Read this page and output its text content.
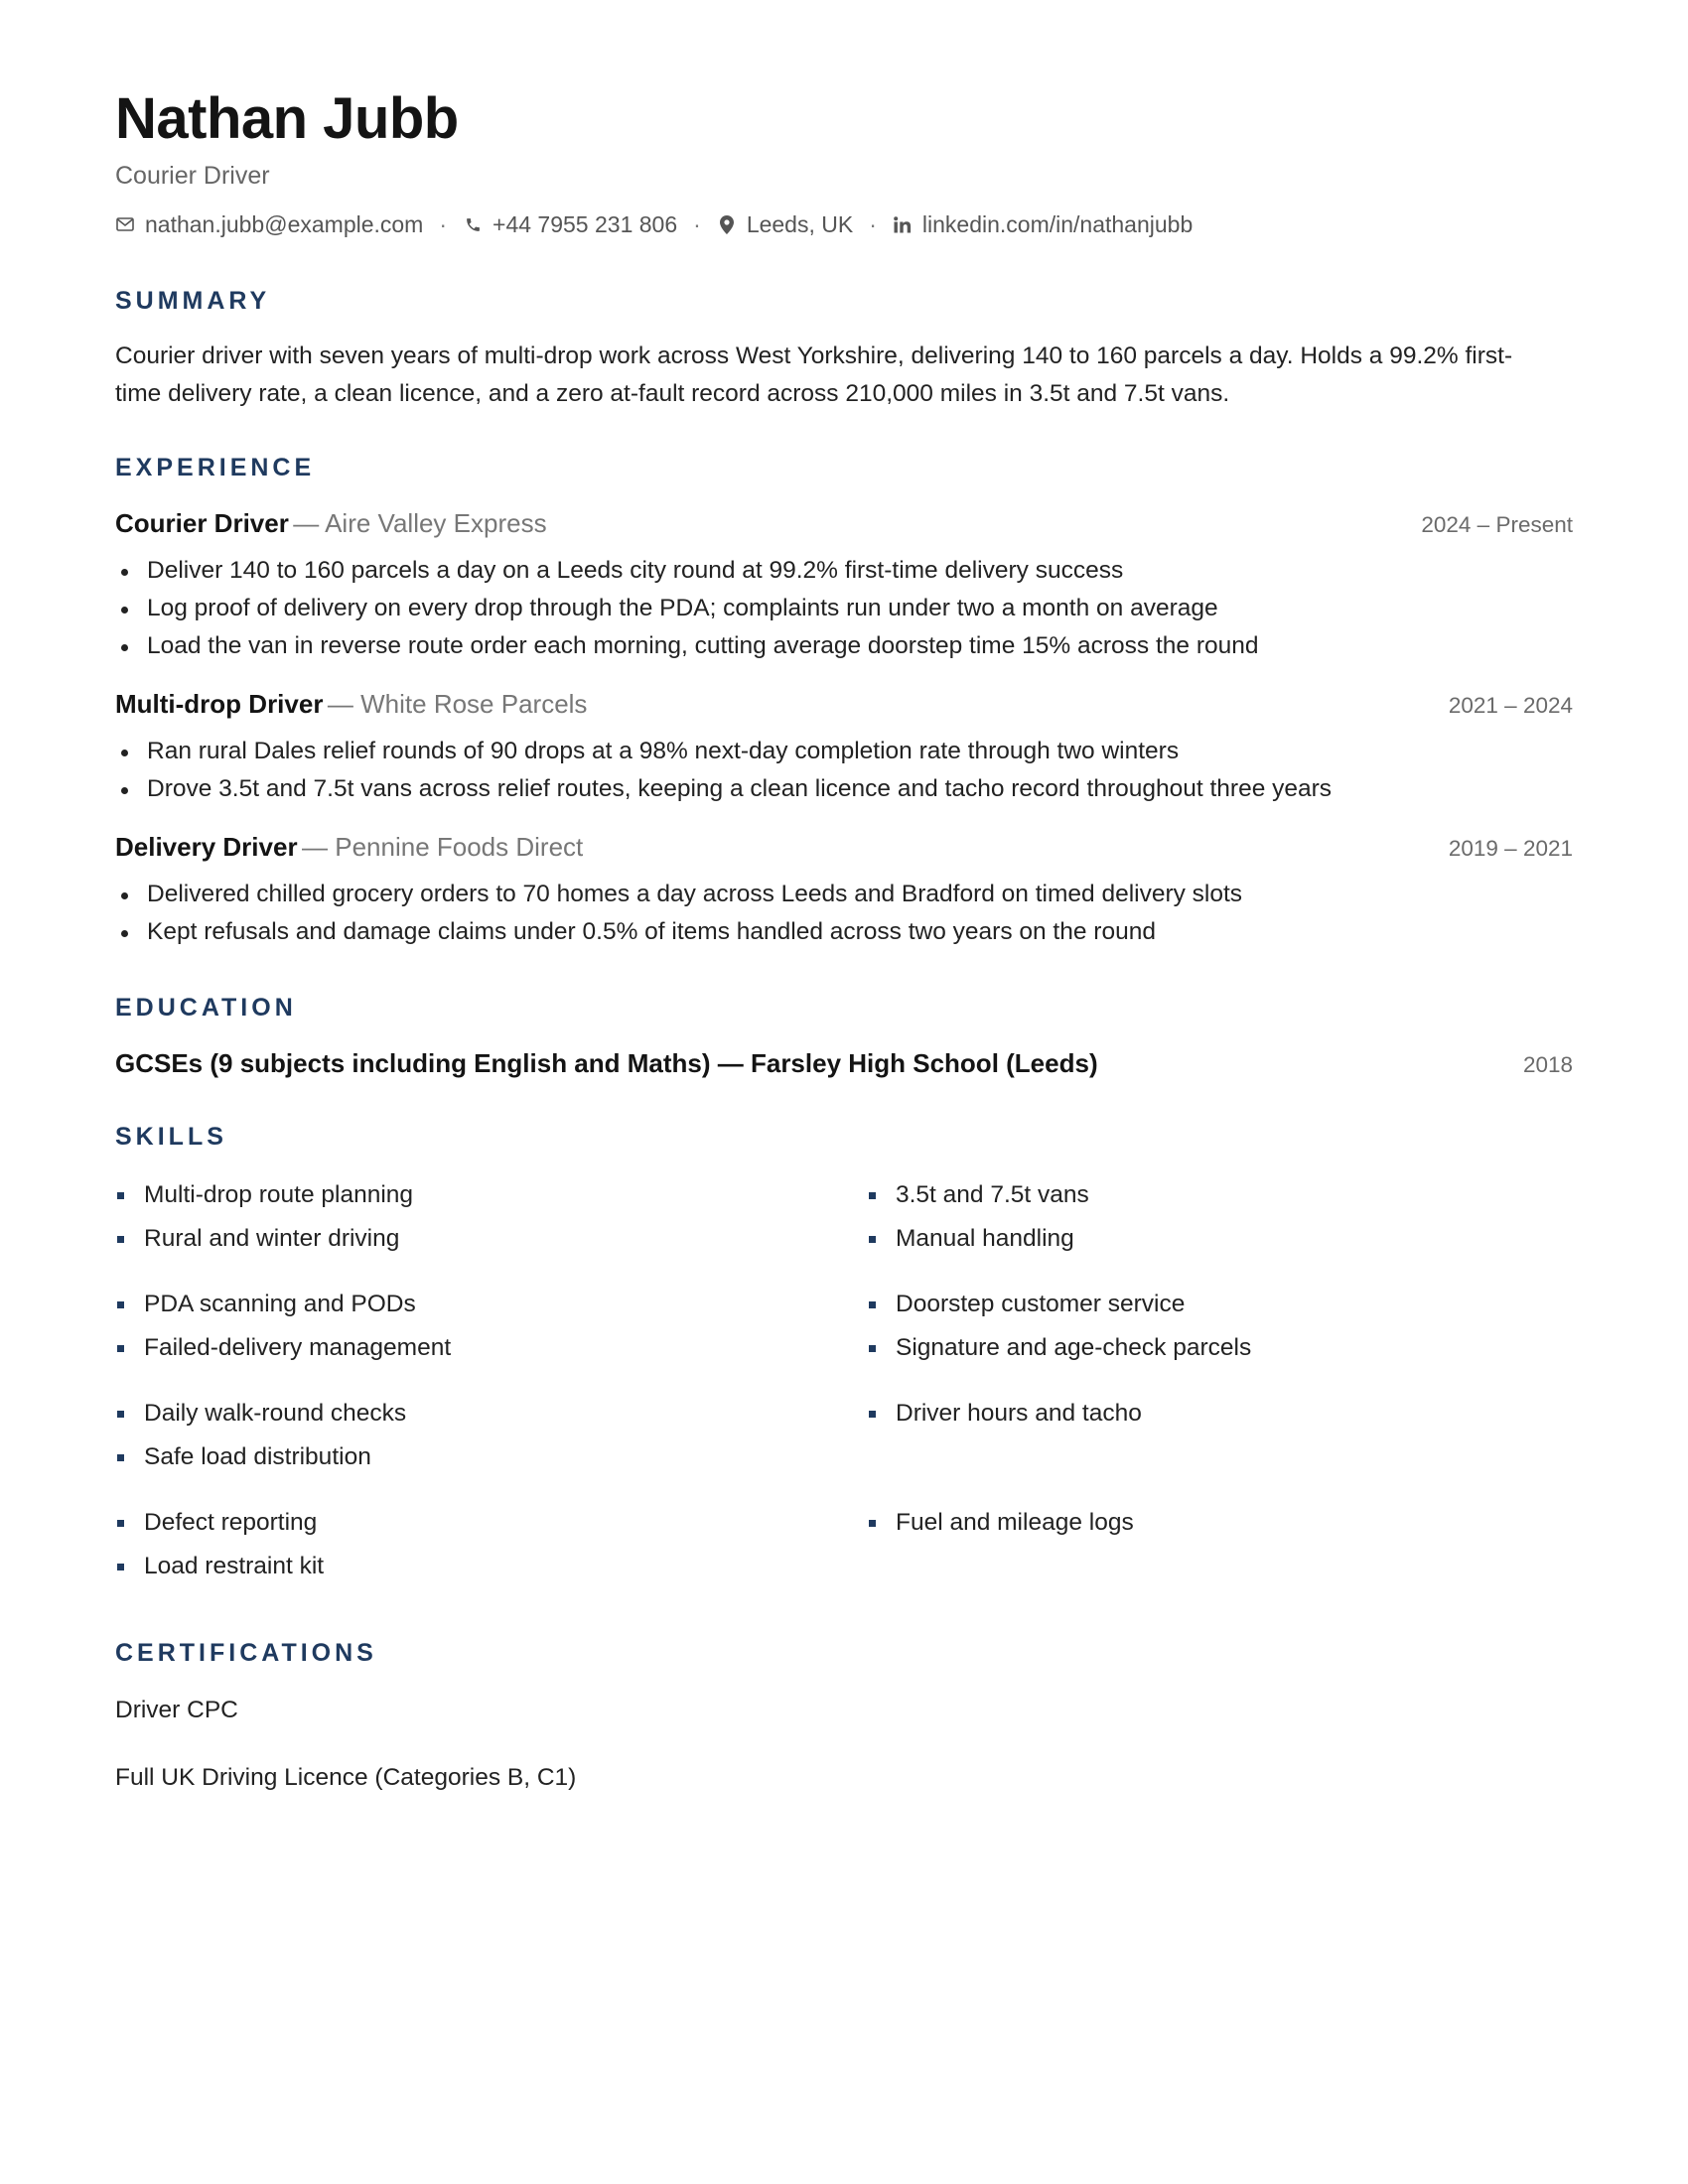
Nathan Jubb
Courier Driver
nathan.jubb@example.com · +44 7955 231 806 · Leeds, UK · linkedin.com/in/nathanjubb
SUMMARY
Courier driver with seven years of multi-drop work across West Yorkshire, delivering 140 to 160 parcels a day. Holds a 99.2% first-time delivery rate, a clean licence, and a zero at-fault record across 210,000 miles in 3.5t and 7.5t vans.
EXPERIENCE
Courier Driver — Aire Valley Express	2024 – Present
Deliver 140 to 160 parcels a day on a Leeds city round at 99.2% first-time delivery success
Log proof of delivery on every drop through the PDA; complaints run under two a month on average
Load the van in reverse route order each morning, cutting average doorstep time 15% across the round
Multi-drop Driver — White Rose Parcels	2021 – 2024
Ran rural Dales relief rounds of 90 drops at a 98% next-day completion rate through two winters
Drove 3.5t and 7.5t vans across relief routes, keeping a clean licence and tacho record throughout three years
Delivery Driver — Pennine Foods Direct	2019 – 2021
Delivered chilled grocery orders to 70 homes a day across Leeds and Bradford on timed delivery slots
Kept refusals and damage claims under 0.5% of items handled across two years on the round
EDUCATION
GCSEs (9 subjects including English and Maths) — Farsley High School (Leeds)	2018
SKILLS
Multi-drop route planning
Rural and winter driving
3.5t and 7.5t vans
Manual handling
PDA scanning and PODs
Failed-delivery management
Doorstep customer service
Signature and age-check parcels
Daily walk-round checks
Safe load distribution
Driver hours and tacho
Defect reporting
Load restraint kit
Fuel and mileage logs
CERTIFICATIONS
Driver CPC
Full UK Driving Licence (Categories B, C1)
